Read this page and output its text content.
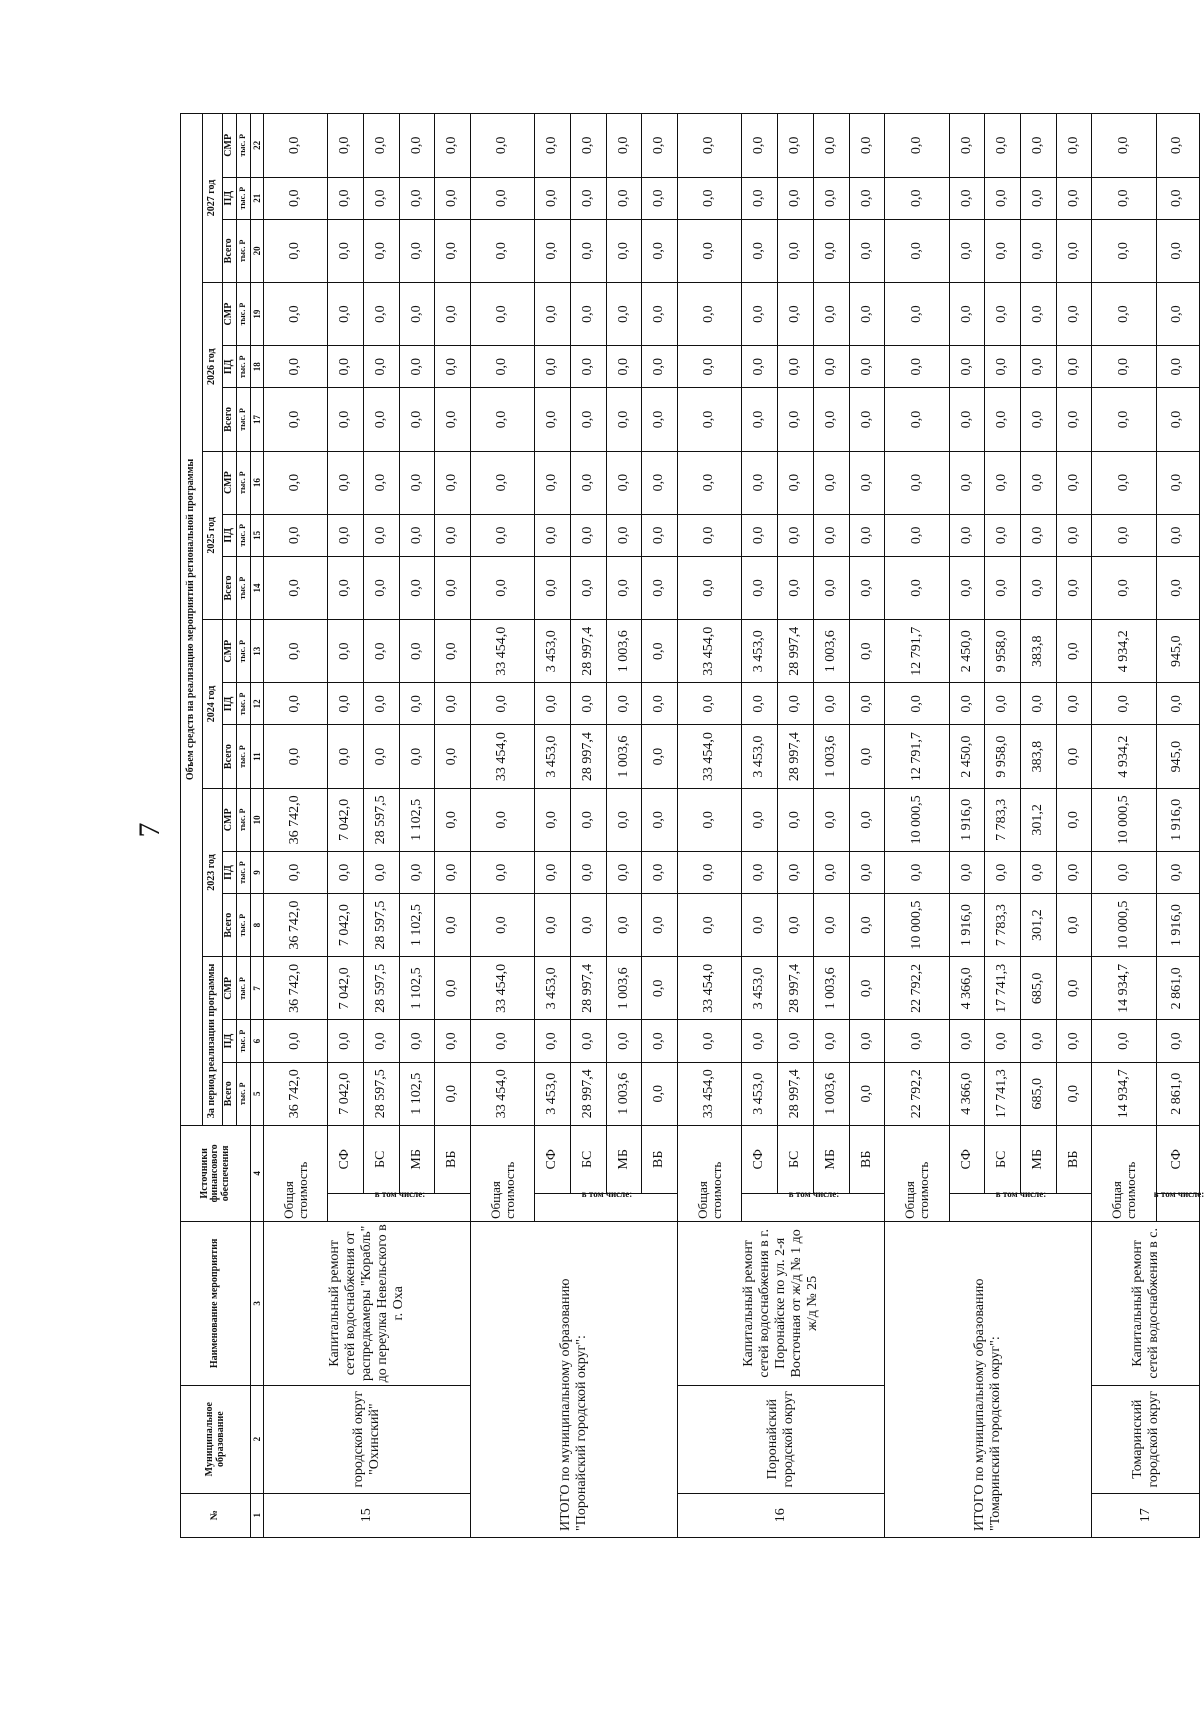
7
№	Муниципальное образование	Наименование мероприятия	Источники финансового обеспечения		Объем средств на реализацию мероприятий региональной программы																	
					За период реализации программы			2023 год			2024 год			2025 год			2026 год			2027 год		
					Всего	ПД	СМР	Всего	ПД	СМР	Всего	ПД	СМР	Всего	ПД	СМР	Всего	ПД	СМР	Всего	ПД	СМР
					тыс. Р	тыс. Р	тыс. Р	тыс. Р	тыс. Р	тыс. Р	тыс. Р	тыс. Р	тыс. Р	тыс. Р	тыс. Р	тыс. Р	тыс. Р	тыс. Р	тыс. Р	тыс. Р	тыс. Р	тыс. Р
1	2	3	4		5	6	7	8	9	10	11	12	13	14	15	16	17	18	19	20	21	22
15	городской округ "Охинский"	Капитальный ремонт сетей водоснабжения от распредкамеры "Корабль" до переулка Невельского в г. Оха	Общая стоимость		36 742,0	0,0	36 742,0	36 742,0	0,0	36 742,0	0,0	0,0	0,0	0,0	0,0	0,0	0,0	0,0	0,0	0,0	0,0	0,0
			в том числе:	СФ	7 042,0	0,0	7 042,0	7 042,0	0,0	7 042,0	0,0	0,0	0,0	0,0	0,0	0,0	0,0	0,0	0,0	0,0	0,0	0,0
				БС	28 597,5	0,0	28 597,5	28 597,5	0,0	28 597,5	0,0	0,0	0,0	0,0	0,0	0,0	0,0	0,0	0,0	0,0	0,0	0,0
				МБ	1 102,5	0,0	1 102,5	1 102,5	0,0	1 102,5	0,0	0,0	0,0	0,0	0,0	0,0	0,0	0,0	0,0	0,0	0,0	0,0
				ВБ	0,0	0,0	0,0	0,0	0,0	0,0	0,0	0,0	0,0	0,0	0,0	0,0	0,0	0,0	0,0	0,0	0,0	0,0
ИТОГО по муниципальному образованию "Поронайский городской округ":			Общая стоимость		33 454,0	0,0	33 454,0	0,0	0,0	0,0	33 454,0	0,0	33 454,0	0,0	0,0	0,0	0,0	0,0	0,0	0,0	0,0	0,0
			в том числе:	СФ	3 453,0	0,0	3 453,0	0,0	0,0	0,0	3 453,0	0,0	3 453,0	0,0	0,0	0,0	0,0	0,0	0,0	0,0	0,0	0,0
				БС	28 997,4	0,0	28 997,4	0,0	0,0	0,0	28 997,4	0,0	28 997,4	0,0	0,0	0,0	0,0	0,0	0,0	0,0	0,0	0,0
				МБ	1 003,6	0,0	1 003,6	0,0	0,0	0,0	1 003,6	0,0	1 003,6	0,0	0,0	0,0	0,0	0,0	0,0	0,0	0,0	0,0
				ВБ	0,0	0,0	0,0	0,0	0,0	0,0	0,0	0,0	0,0	0,0	0,0	0,0	0,0	0,0	0,0	0,0	0,0	0,0
16	Поронайский городской округ	Капитальный ремонт сетей водоснабжения в г. Поронайске по ул. 2-я Восточная от ж/д № 1 до ж/д № 25	Общая стоимость		33 454,0	0,0	33 454,0	0,0	0,0	0,0	33 454,0	0,0	33 454,0	0,0	0,0	0,0	0,0	0,0	0,0	0,0	0,0	0,0
			в том числе:	СФ	3 453,0	0,0	3 453,0	0,0	0,0	0,0	3 453,0	0,0	3 453,0	0,0	0,0	0,0	0,0	0,0	0,0	0,0	0,0	0,0
				БС	28 997,4	0,0	28 997,4	0,0	0,0	0,0	28 997,4	0,0	28 997,4	0,0	0,0	0,0	0,0	0,0	0,0	0,0	0,0	0,0
				МБ	1 003,6	0,0	1 003,6	0,0	0,0	0,0	1 003,6	0,0	1 003,6	0,0	0,0	0,0	0,0	0,0	0,0	0,0	0,0	0,0
				ВБ	0,0	0,0	0,0	0,0	0,0	0,0	0,0	0,0	0,0	0,0	0,0	0,0	0,0	0,0	0,0	0,0	0,0	0,0
ИТОГО по муниципальному образованию "Томаринский городской округ":			Общая стоимость		22 792,2	0,0	22 792,2	10 000,5	0,0	10 000,5	12 791,7	0,0	12 791,7	0,0	0,0	0,0	0,0	0,0	0,0	0,0	0,0	0,0
			в том числе:	СФ	4 366,0	0,0	4 366,0	1 916,0	0,0	1 916,0	2 450,0	0,0	2 450,0	0,0	0,0	0,0	0,0	0,0	0,0	0,0	0,0	0,0
				БС	17 741,3	0,0	17 741,3	7 783,3	0,0	7 783,3	9 958,0	0,0	9 958,0	0,0	0,0	0,0	0,0	0,0	0,0	0,0	0,0	0,0
				МБ	685,0	0,0	685,0	301,2	0,0	301,2	383,8	0,0	383,8	0,0	0,0	0,0	0,0	0,0	0,0	0,0	0,0	0,0
				ВБ	0,0	0,0	0,0	0,0	0,0	0,0	0,0	0,0	0,0	0,0	0,0	0,0	0,0	0,0	0,0	0,0	0,0	0,0
17	Томаринский городской округ	Капитальный ремонт сетей водоснабжения в с.	Общая стоимость		14 934,7	0,0	14 934,7	10 000,5	0,0	10 000,5	4 934,2	0,0	4 934,2	0,0	0,0	0,0	0,0	0,0	0,0	0,0	0,0	0,0
			в том числе:	СФ	2 861,0	0,0	2 861,0	1 916,0	0,0	1 916,0	945,0	0,0	945,0	0,0	0,0	0,0	0,0	0,0	0,0	0,0	0,0	0,0
